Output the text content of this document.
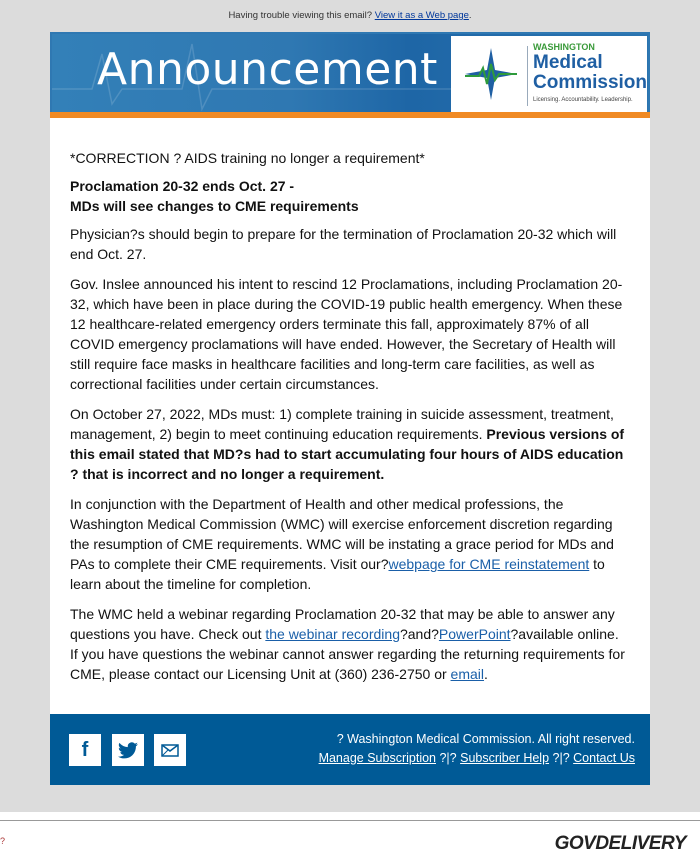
Having trouble viewing this email? View it as a Web page.
Announcement	WASHINGTON
Medical
Commission
Licensing. Accountability. Leadership.

*CORRECTION ? AIDS training no longer a requirement*

Proclamation 20-32 ends Oct. 27 -
MDs will see changes to CME requirements

Physician?s should begin to prepare for the termination of Proclamation 20-32 which will end Oct. 27.

Gov. Inslee announced his intent to rescind 12 Proclamations, including Proclamation 20-32, which have been in place during the COVID-19 public health emergency. When these 12 healthcare-related emergency orders terminate this fall, approximately 87% of all COVID emergency proclamations will have ended. However, the Secretary of Health will still require face masks in healthcare facilities and long-term care facilities, as well as correctional facilities under certain circumstances.

On October 27, 2022, MDs must: 1) complete training in suicide assessment, treatment, management, 2) begin to meet continuing education requirements. Previous versions of this email stated that MD?s had to start accumulating four hours of AIDS education ? that is incorrect and no longer a requirement.

In conjunction with the Department of Health and other medical professions, the Washington Medical Commission (WMC) will exercise enforcement discretion regarding the resumption of CME requirements. WMC will be instating a grace period for MDs and PAs to complete their CME requirements. Visit our?webpage for CME reinstatement to learn about the timeline for completion.

The WMC held a webinar regarding Proclamation 20-32 that may be able to answer any questions you have. Check out the webinar recording?and?PowerPoint?available online. If you have questions the webinar cannot answer regarding the returning requirements for CME, please contact our Licensing Unit at (360) 236-2750 or email.

f	? Washington Medical Commission. All right reserved.
Manage Subscription ?|? Subscriber Help ?|? Contact Us
?	GOVDELIVERY
